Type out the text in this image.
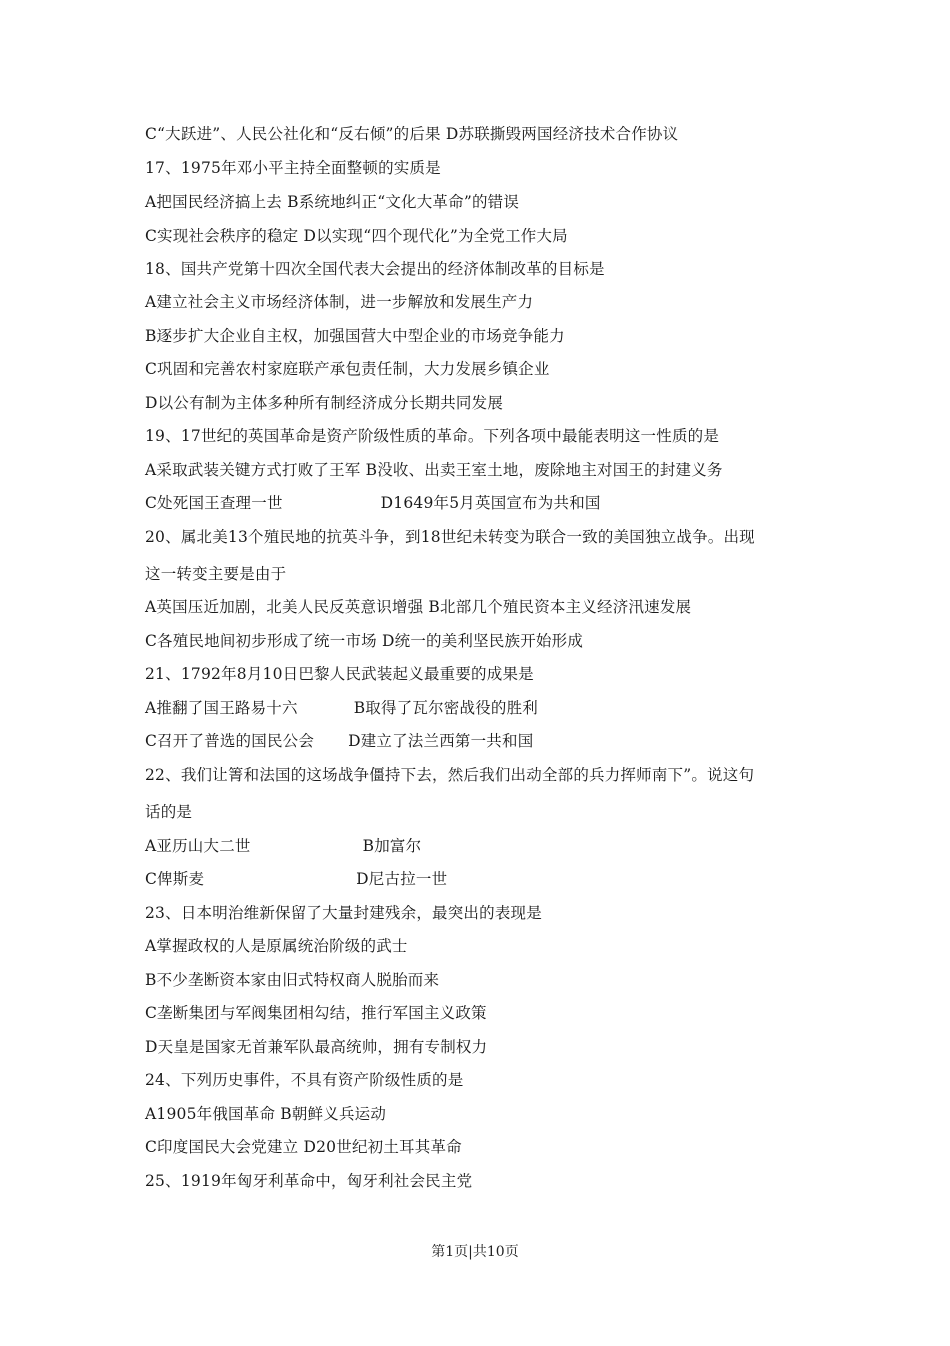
C“大跃进”、人民公社化和“反右倾”的后果 D苏联撕毁两国经济技术合作协议
17、1975年邓小平主持全面整顿的实质是
A把国民经济搞上去 B系统地纠正“文化大革命”的错误
C实现社会秩序的稳定 D以实现“四个现代化”为全党工作大局
18、国共产党第十四次全国代表大会提出的经济体制改革的目标是
A建立社会主义市场经济体制，进一步解放和发展生产力
B逐步扩大企业自主权，加强国营大中型企业的市场竞争能力
C巩固和完善农村家庭联产承包责任制，大力发展乡镇企业
D以公有制为主体多种所有制经济成分长期共同发展
19、17世纪的英国革命是资产阶级性质的革命。下列各项中最能表明这一性质的是
A采取武装关键方式打败了王军 B没收、出卖王室土地，废除地主对国王的封建义务
C处死国王查理一世	D1649年5月英国宣布为共和国
20、属北美13个殖民地的抗英斗争，到18世纪未转变为联合一致的美国独立战争。出现
这一转变主要是由于
A英国压近加剧，北美人民反英意识增强 B北部几个殖民资本主义经济汛速发展
C各殖民地间初步形成了统一市场 D统一的美利坚民族开始形成
21、1792年8月10日巴黎人民武装起义最重要的成果是
A推翻了国王路易十六	B取得了瓦尔密战役的胜利
C召开了普选的国民公会 D建立了法兰西第一共和国
22、我们让箐和法国的这场战争僵持下去，然后我们出动全部的兵力挥师南下”。说这句
话的是
A亚历山大二世	B加富尔
C俾斯麦	D尼古拉一世
23、日本明治维新保留了大量封建残余，最突出的表现是
A掌握政权的人是原属统治阶级的武士
B不少垄断资本家由旧式特权商人脱胎而来
C垄断集团与军阀集团相勾结，推行军国主义政策
D天皇是国家无首兼军队最高统帅，拥有专制权力
24、下列历史事件，不具有资产阶级性质的是
A1905年俄国革命 B朝鲜义兵运动
C印度国民大会党建立 D20世纪初土耳其革命
25、1919年匈牙利革命中，匈牙利社会民主党
第1页|共10页
